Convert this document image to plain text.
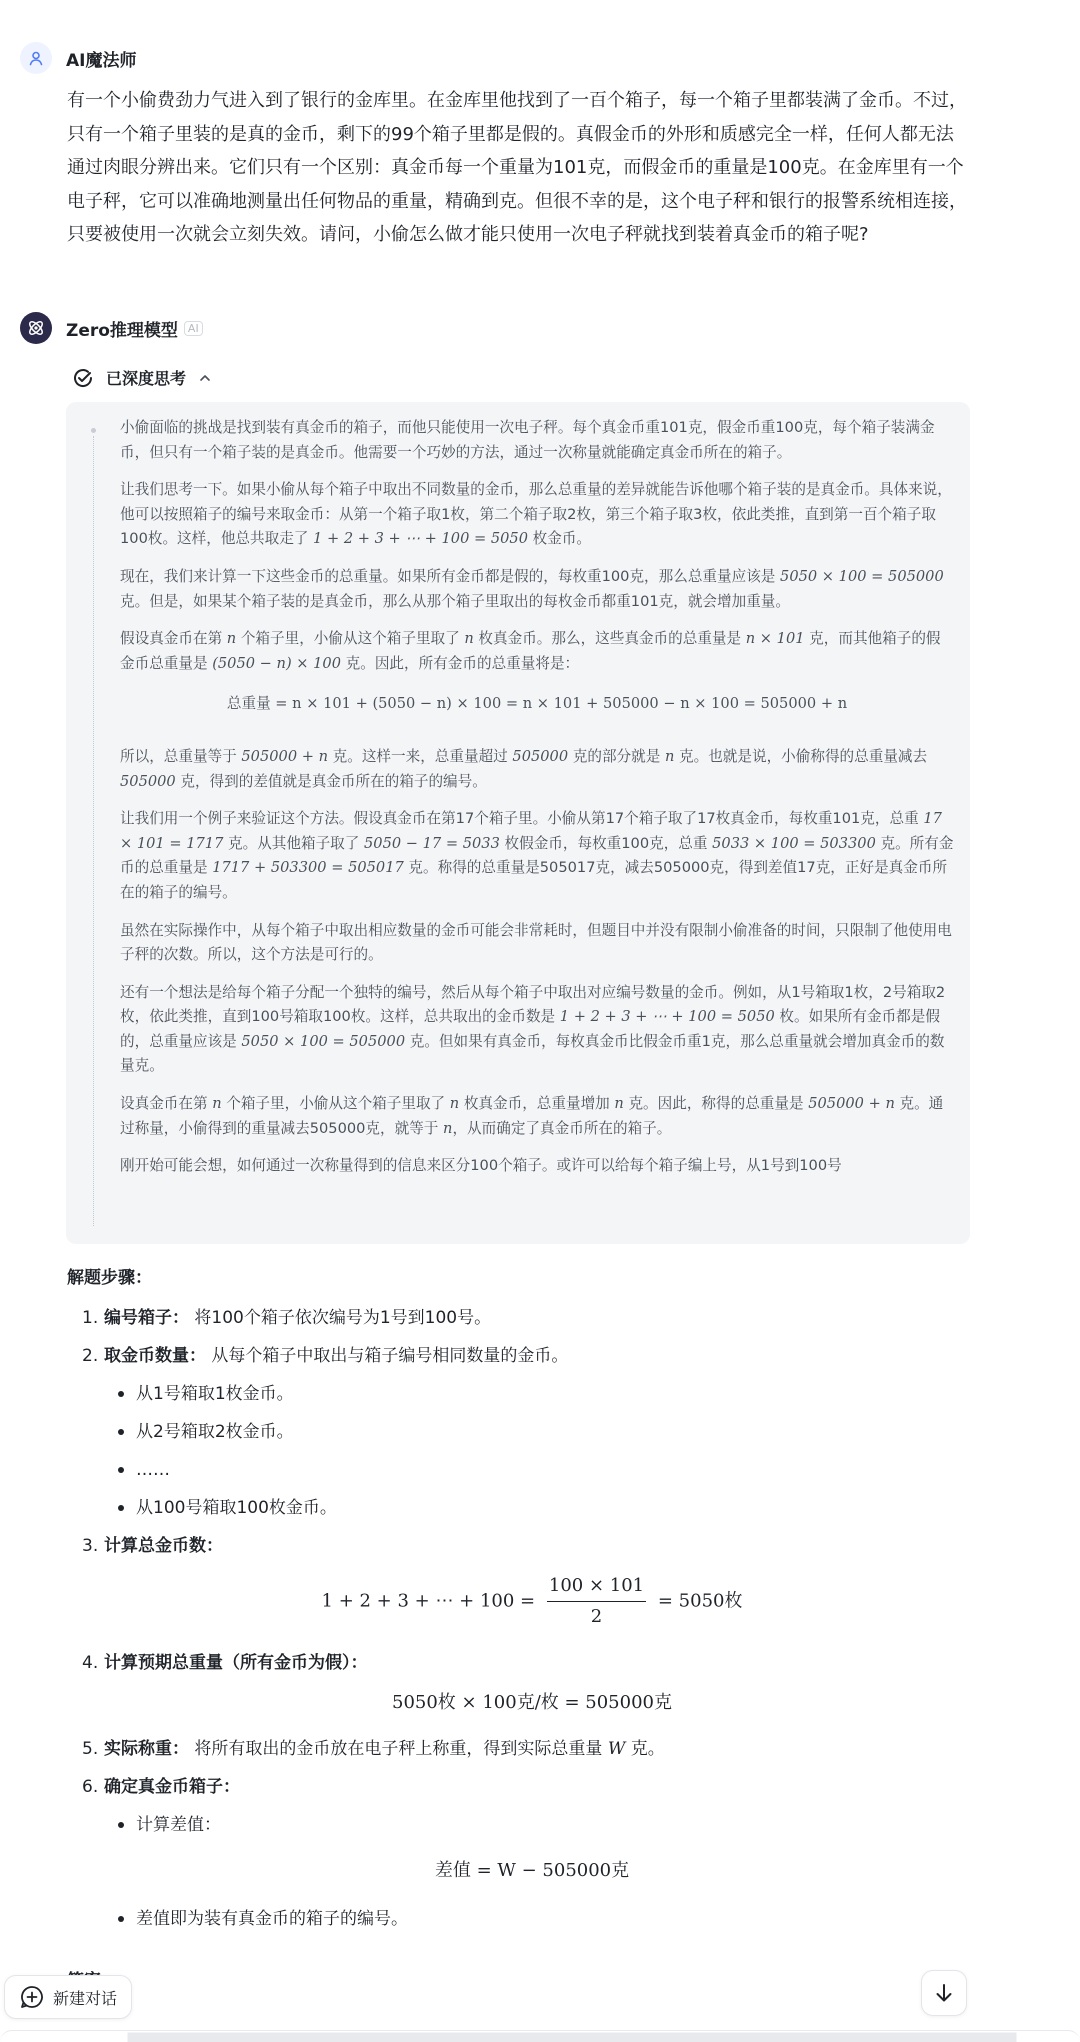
AI魔法师
有一个小偷费劲力气进入到了银行的金库里。在金库里他找到了一百个箱子，每一个箱子里都装满了金币。不过，只有一个箱子里装的是真的金币，剩下的99个箱子里都是假的。真假金币的外形和质感完全一样，任何人都无法通过肉眼分辨出来。它们只有一个区别：真金币每一个重量为101克，而假金币的重量是100克。在金库里有一个电子秤，它可以准确地测量出任何物品的重量，精确到克。但很不幸的是，这个电子秤和银行的报警系统相连接，只要被使用一次就会立刻失效。请问，小偷怎么做才能只使用一次电子秤就找到装着真金币的箱子呢?
Zero推理模型 AI
已深度思考

小偷面临的挑战是找到装有真金币的箱子，而他只能使用一次电子秤。每个真金币重101克，假金币重100克，每个箱子装满金币，但只有一个箱子装的是真金币。他需要一个巧妙的方法，通过一次称量就能确定真金币所在的箱子。

让我们思考一下。如果小偷从每个箱子中取出不同数量的金币，那么总重量的差异就能告诉他哪个箱子装的是真金币。具体来说，他可以按照箱子的编号来取金币：从第一个箱子取1枚，第二个箱子取2枚，第三个箱子取3枚，依此类推，直到第一百个箱子取100枚。这样，他总共取走了 1 + 2 + 3 + ⋯ + 100 = 5050 枚金币。

现在，我们来计算一下这些金币的总重量。如果所有金币都是假的，每枚重100克，那么总重量应该是 5050 × 100 = 505000 克。但是，如果某个箱子装的是真金币，那么从那个箱子里取出的每枚金币都重101克，就会增加重量。

假设真金币在第 n 个箱子里，小偷从这个箱子里取了 n 枚真金币。那么，这些真金币的总重量是 n × 101 克，而其他箱子的假金币总重量是 (5050 − n) × 100 克。因此，所有金币的总重量将是：

总重量 = n × 101 + (5050 − n) × 100 = n × 101 + 505000 − n × 100 = 505000 + n

所以，总重量等于 505000 + n 克。这样一来，总重量超过 505000 克的部分就是 n 克。也就是说，小偷称得的总重量减去 505000 克，得到的差值就是真金币所在的箱子的编号。

让我们用一个例子来验证这个方法。假设真金币在第17个箱子里。小偷从第17个箱子取了17枚真金币，每枚重101克，总重 17 × 101 = 1717 克。从其他箱子取了 5050 − 17 = 5033 枚假金币，每枚重100克，总重 5033 × 100 = 503300 克。所有金币的总重量是 1717 + 503300 = 505017 克。称得的总重量是505017克，减去505000克，得到差值17克，正好是真金币所在的箱子的编号。

虽然在实际操作中，从每个箱子中取出相应数量的金币可能会非常耗时，但题目中并没有限制小偷准备的时间，只限制了他使用电子秤的次数。所以，这个方法是可行的。

还有一个想法是给每个箱子分配一个独特的编号，然后从每个箱子中取出对应编号数量的金币。例如，从1号箱取1枚，2号箱取2枚，依此类推，直到100号箱取100枚。这样，总共取出的金币数是 1 + 2 + 3 + ⋯ + 100 = 5050 枚。如果所有金币都是假的，总重量应该是 5050 × 100 = 505000 克。但如果有真金币，每枚真金币比假金币重1克，那么总重量就会增加真金币的数量克。

设真金币在第 n 个箱子里，小偷从这个箱子里取了 n 枚真金币，总重量增加 n 克。因此，称得的总重量是 505000 + n 克。通过称量，小偷得到的重量减去505000克，就等于 n，从而确定了真金币所在的箱子。

刚开始可能会想，如何通过一次称量得到的信息来区分100个箱子。或许可以给每个箱子编上号，从1号到100号

解题步骤：
1. 编号箱子： 将100个箱子依次编号为1号到100号。
2. 取金币数量： 从每个箱子中取出与箱子编号相同数量的金币。
从1号箱取1枚金币。
从2号箱取2枚金币。
……
从100号箱取100枚金币。
3. 计算总金币数：
1 + 2 + 3 + ⋯ + $100 = \frac{100 \times 101}{2} = 5050$枚
4. 计算预期总重量（所有金币为假）：
5050枚 × 100克/枚 = 505000克
5. 实际称重： 将所有取出的金币放在电子秤上称重，得到实际总重量 W 克。
6. 确定真金币箱子：
计算差值：
差值 = W − 505000克
差值即为装有真金币的箱子的编号。
新建对话
